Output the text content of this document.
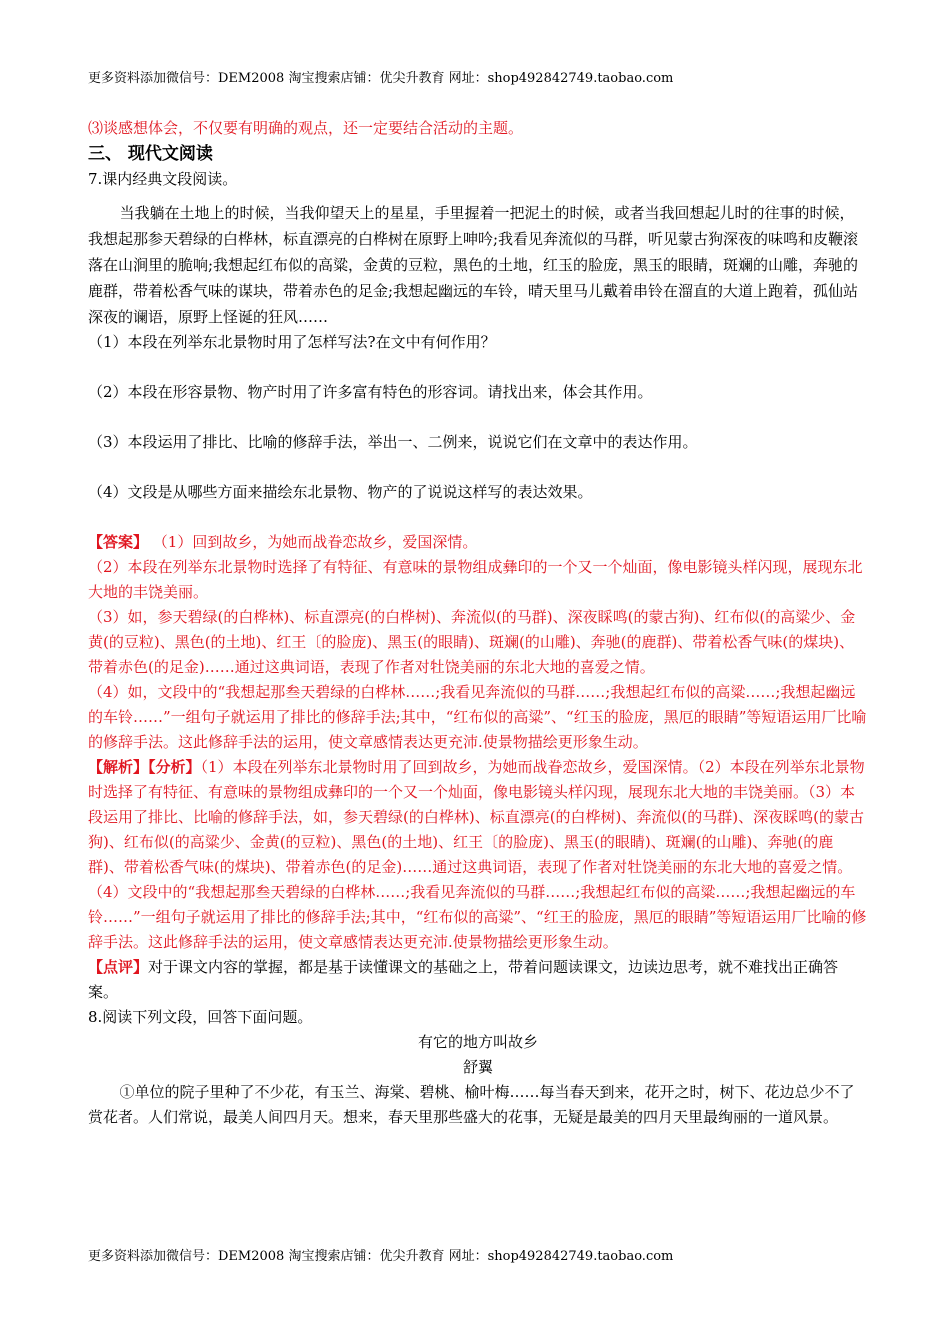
更多资料添加微信号：DEM2008 淘宝搜索店铺：优尖升教育 网址：shop492842749.taobao.com

⑶谈感想体会，不仅要有明确的观点，还一定要结合活动的主题。

三、 现代文阅读

7.课内经典文段阅读。

当我躺在土地上的时候，当我仰望天上的星星，手里握着一把泥土的时候，或者当我回想起儿时的往事的时候，我想起那参天碧绿的白桦林，标直漂亮的白桦树在原野上呻吟;我看见奔流似的马群，听见蒙古狗深夜的味鸣和皮鞭滚落在山涧里的脆响;我想起红布似的高粱，金黄的豆粒，黑色的土地，红玉的脸庞，黑玉的眼睛，斑斓的山雕，奔驰的鹿群，带着松香气味的谋块，带着赤色的足金;我想起幽远的车铃，晴天里马儿戴着串铃在溜直的大道上跑着，孤仙站深夜的谰语，原野上怪诞的狂风……

（1）本段在列举东北景物时用了怎样写法?在文中有何作用？

（2）本段在形容景物、物产时用了许多富有特色的形容词。请找出来，体会其作用。

（3）本段运用了排比、比喻的修辞手法，举出一、二例来，说说它们在文章中的表达作用。

（4）文段是从哪些方面来描绘东北景物、物产的了说说这样写的表达效果。

【答案】 （1）回到故乡，为她而战眷恋故乡，爱国深情。

（2）本段在列举东北景物时选择了有特征、有意味的景物组成彝印的一个又一个灿面，像电影镜头样闪现，展现东北大地的丰饶美丽。

（3）如，参天碧绿(的白桦林)、标直漂亮(的白桦树)、奔流似(的马群)、深夜睬鸣(的蒙古狗)、红布似(的高粱少、金黄(的豆粒)、黑色(的土地)、红王〔的脸庞)、黑玉(的眼睛)、斑斓(的山雕)、奔驰(的鹿群)、带着松香气味(的煤块)、带着赤色(的足金)……通过这典词语，表现了作者对牡饶美丽的东北大地的喜爱之情。

（4）如，文段中的“我想起那叁天碧绿的白桦林……;我看见奔流似的马群……;我想起红布似的高粱……;我想起幽远的车铃……”一组句子就运用了排比的修辞手法;其中，“红布似的高粱”、“红玉的脸庞，黑厄的眼睛”等短语运用厂比喻的修辞手法。这此修辞手法的运用，使文章感情表达更充沛.使景物描绘更形象生动。

【解析】【分析】（1）本段在列举东北景物时用了回到故乡，为她而战眷恋故乡，爱国深情。（2）本段在列举东北景物时选择了有特征、有意味的景物组成彝印的一个又一个灿面，像电影镜头样闪现，展现东北大地的丰饶美丽。（3）本段运用了排比、比喻的修辞手法，如，参天碧绿(的白桦林)、标直漂亮(的白桦树)、奔流似(的马群)、深夜睬鸣(的蒙古狗)、红布似(的高粱少、金黄(的豆粒)、黑色(的土地)、红王〔的脸庞)、黑玉(的眼睛)、斑斓(的山雕)、奔驰(的鹿群)、带着松香气味(的煤块)、带着赤色(的足金)……通过这典词语，表现了作者对牡饶美丽的东北大地的喜爱之情。（4）文段中的“我想起那叁天碧绿的白桦林……;我看见奔流似的马群……;我想起红布似的高粱……;我想起幽远的车铃……”一组句子就运用了排比的修辞手法;其中，“红布似的高粱”、“红王的脸庞，黑厄的眼睛”等短语运用厂比喻的修辞手法。这此修辞手法的运用，使文章感情表达更充沛.使景物描绘更形象生动。

【点评】对于课文内容的掌握，都是基于读懂课文的基础之上，带着问题读课文，边读边思考，就不难找出正确答案。

8.阅读下列文段，回答下面问题。

有它的地方叫故乡

舒翼

①单位的院子里种了不少花，有玉兰、海棠、碧桃、榆叶梅……每当春天到来，花开之时，树下、花边总少不了赏花者。人们常说，最美人间四月天。想来，春天里那些盛大的花事，无疑是最美的四月天里最绚丽的一道风景。

更多资料添加微信号：DEM2008 淘宝搜索店铺：优尖升教育 网址：shop492842749.taobao.com
